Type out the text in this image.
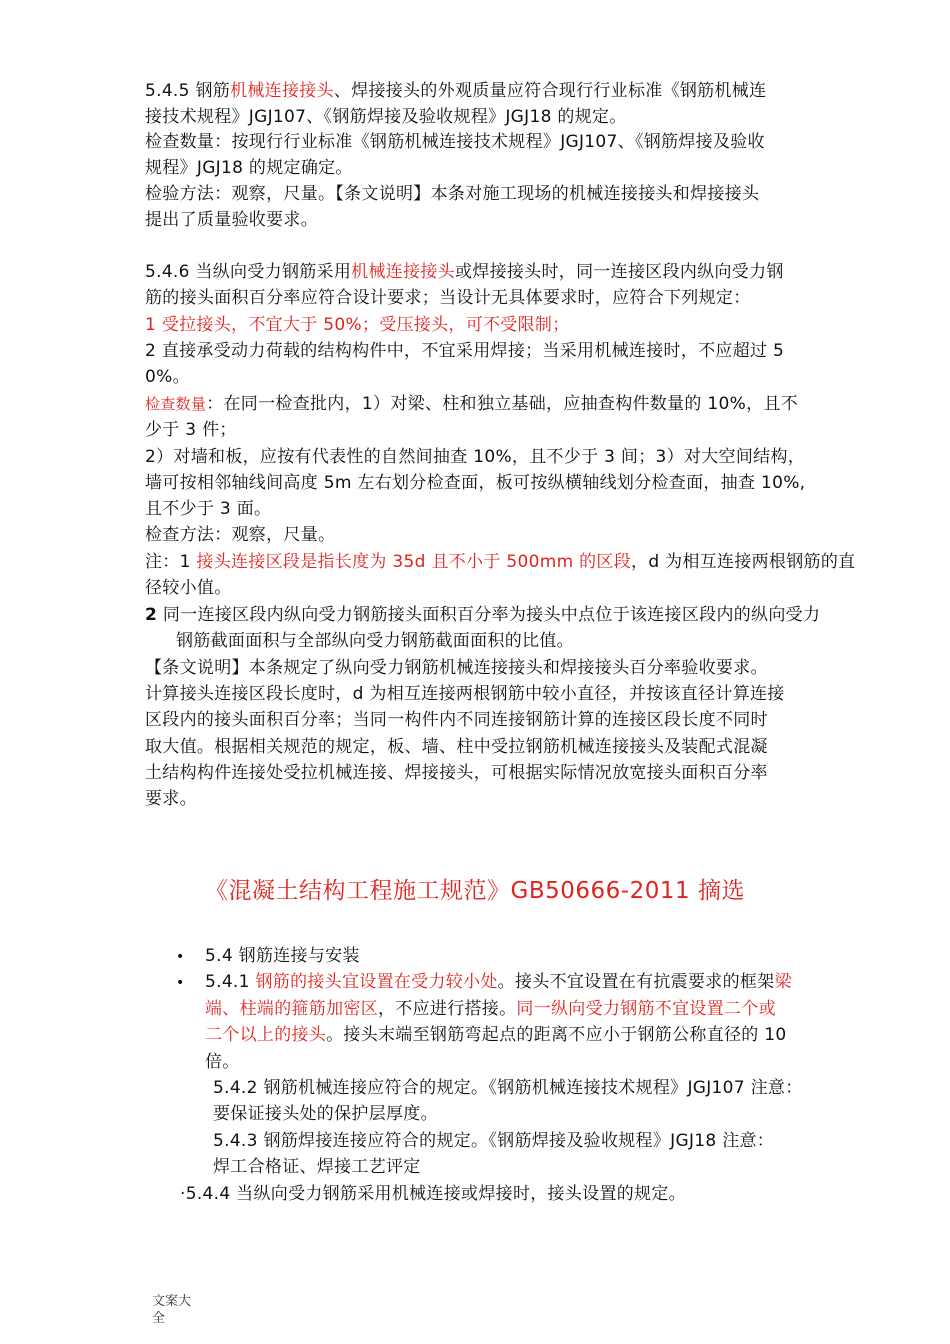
5.4.5 钢筋机械连接接头、焊接接头的外观质量应符合现行行业标准《钢筋机械连
接技术规程》JGJ107、《钢筋焊接及验收规程》JGJ18 的规定。
检查数量：按现行行业标准《钢筋机械连接技术规程》JGJ107、《钢筋焊接及验收
规程》JGJ18 的规定确定。
检验方法：观察，尺量。【条文说明】本条对施工现场的机械连接接头和焊接接头
提出了质量验收要求。
5.4.6 当纵向受力钢筋采用机械连接接头或焊接接头时，同一连接区段内纵向受力钢
筋的接头面积百分率应符合设计要求；当设计无具体要求时，应符合下列规定：
1 受拉接头，不宜大于 50%；受压接头，可不受限制；
2 直接承受动力荷载的结构构件中，不宜采用焊接；当采用机械连接时，不应超过 5
0%。
检查数量：在同一检查批内，1）对梁、柱和独立基础，应抽查构件数量的 10%，且不
少于 3 件；
2）对墙和板，应按有代表性的自然间抽查 10%，且不少于 3 间；3）对大空间结构，
墙可按相邻轴线间高度 5m 左右划分检查面，板可按纵横轴线划分检查面，抽查 10%,
且不少于 3 面。
检查方法：观察，尺量。
注：1 接头连接区段是指长度为 35d 且不小于 500mm 的区段，d 为相互连接两根钢筋的直
径较小值。
2 同一连接区段内纵向受力钢筋接头面积百分率为接头中点位于该连接区段内的纵向受力
钢筋截面面积与全部纵向受力钢筋截面面积的比值。
【条文说明】本条规定了纵向受力钢筋机械连接接头和焊接接头百分率验收要求。
计算接头连接区段长度时，d 为相互连接两根钢筋中较小直径，并按该直径计算连接
区段内的接头面积百分率；当同一构件内不同连接钢筋计算的连接区段长度不同时
取大值。根据相关规范的规定，板、墙、柱中受拉钢筋机械连接接头及装配式混凝
土结构构件连接处受拉机械连接、焊接接头，可根据实际情况放宽接头面积百分率
要求。
《混凝土结构工程施工规范》GB50666-2011 摘选
• 5.4 钢筋连接与安装
• 5.4.1 钢筋的接头宜设置在受力较小处。接头不宜设置在有抗震要求的框架梁
端、柱端的箍筋加密区，不应进行搭接。同一纵向受力钢筋不宜设置二个或
二个以上的接头。接头末端至钢筋弯起点的距离不应小于钢筋公称直径的 10
倍。
5.4.2 钢筋机械连接应符合的规定。《钢筋机械连接技术规程》JGJ107 注意：
要保证接头处的保护层厚度。
5.4.3 钢筋焊接连接应符合的规定。《钢筋焊接及验收规程》JGJ18 注意：
焊工合格证、焊接工艺评定
·5.4.4 当纵向受力钢筋采用机械连接或焊接时，接头设置的规定。
文案大全
